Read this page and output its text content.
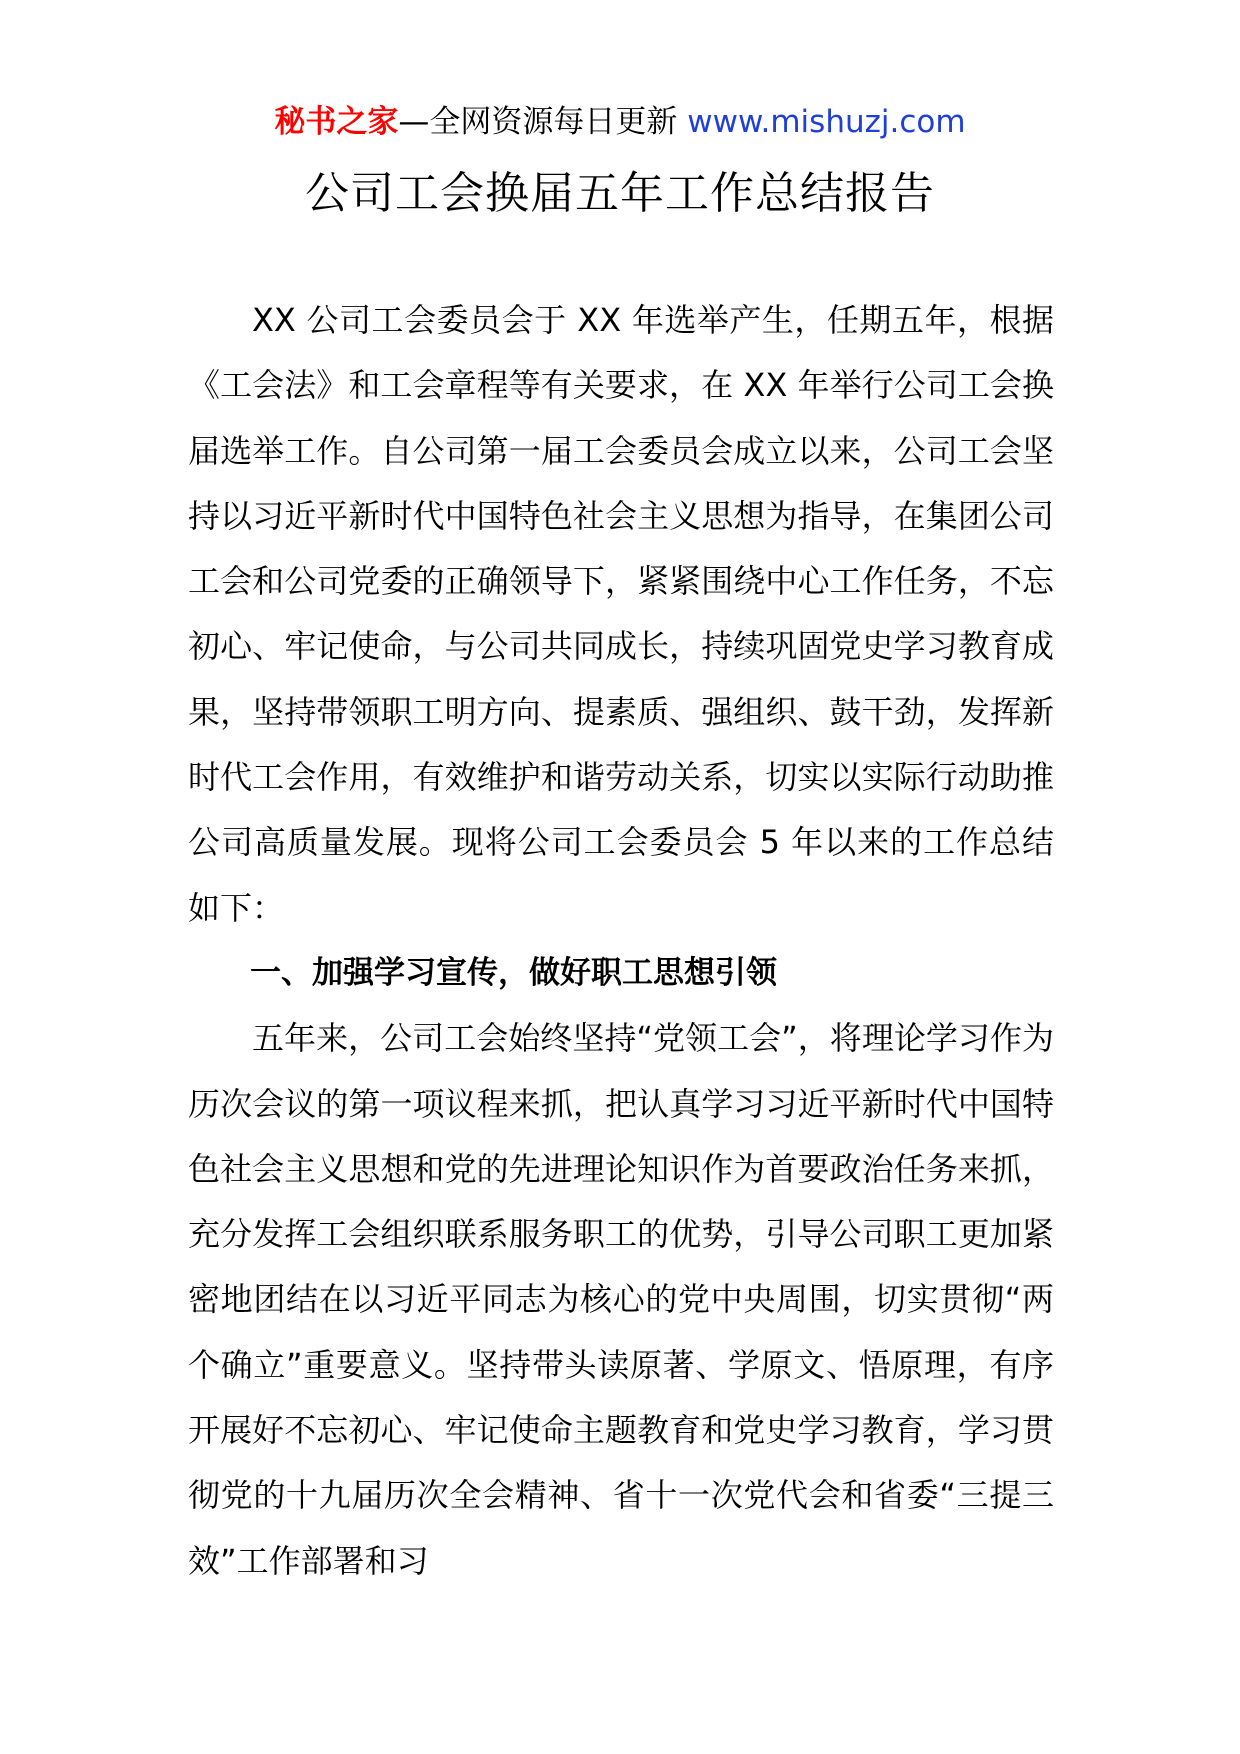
秘书之家—全网资源每日更新 www.mishuzj.com
公司工会换届五年工作总结报告

XX 公司工会委员会于 XX 年选举产生，任期五年，根据《工会法》和工会章程等有关要求，在 XX 年举行公司工会换届选举工作。自公司第一届工会委员会成立以来，公司工会坚持以习近平新时代中国特色社会主义思想为指导，在集团公司工会和公司党委的正确领导下，紧紧围绕中心工作任务，不忘初心、牢记使命，与公司共同成长，持续巩固党史学习教育成果，坚持带领职工明方向、提素质、强组织、鼓干劲，发挥新时代工会作用，有效维护和谐劳动关系，切实以实际行动助推公司高质量发展。现将公司工会委员会 5 年以来的工作总结如下：

一、加强学习宣传，做好职工思想引领

五年来，公司工会始终坚持“党领工会”，将理论学习作为历次会议的第一项议程来抓，把认真学习习近平新时代中国特色社会主义思想和党的先进理论知识作为首要政治任务来抓，充分发挥工会组织联系服务职工的优势，引导公司职工更加紧密地团结在以习近平同志为核心的党中央周围，切实贯彻“两个确立”重要意义。坚持带头读原著、学原文、悟原理，有序开展好不忘初心、牢记使命主题教育和党史学习教育，学习贯彻党的十九届历次全会精神、省十一次党代会和省委“三提三效”工作部署和习
